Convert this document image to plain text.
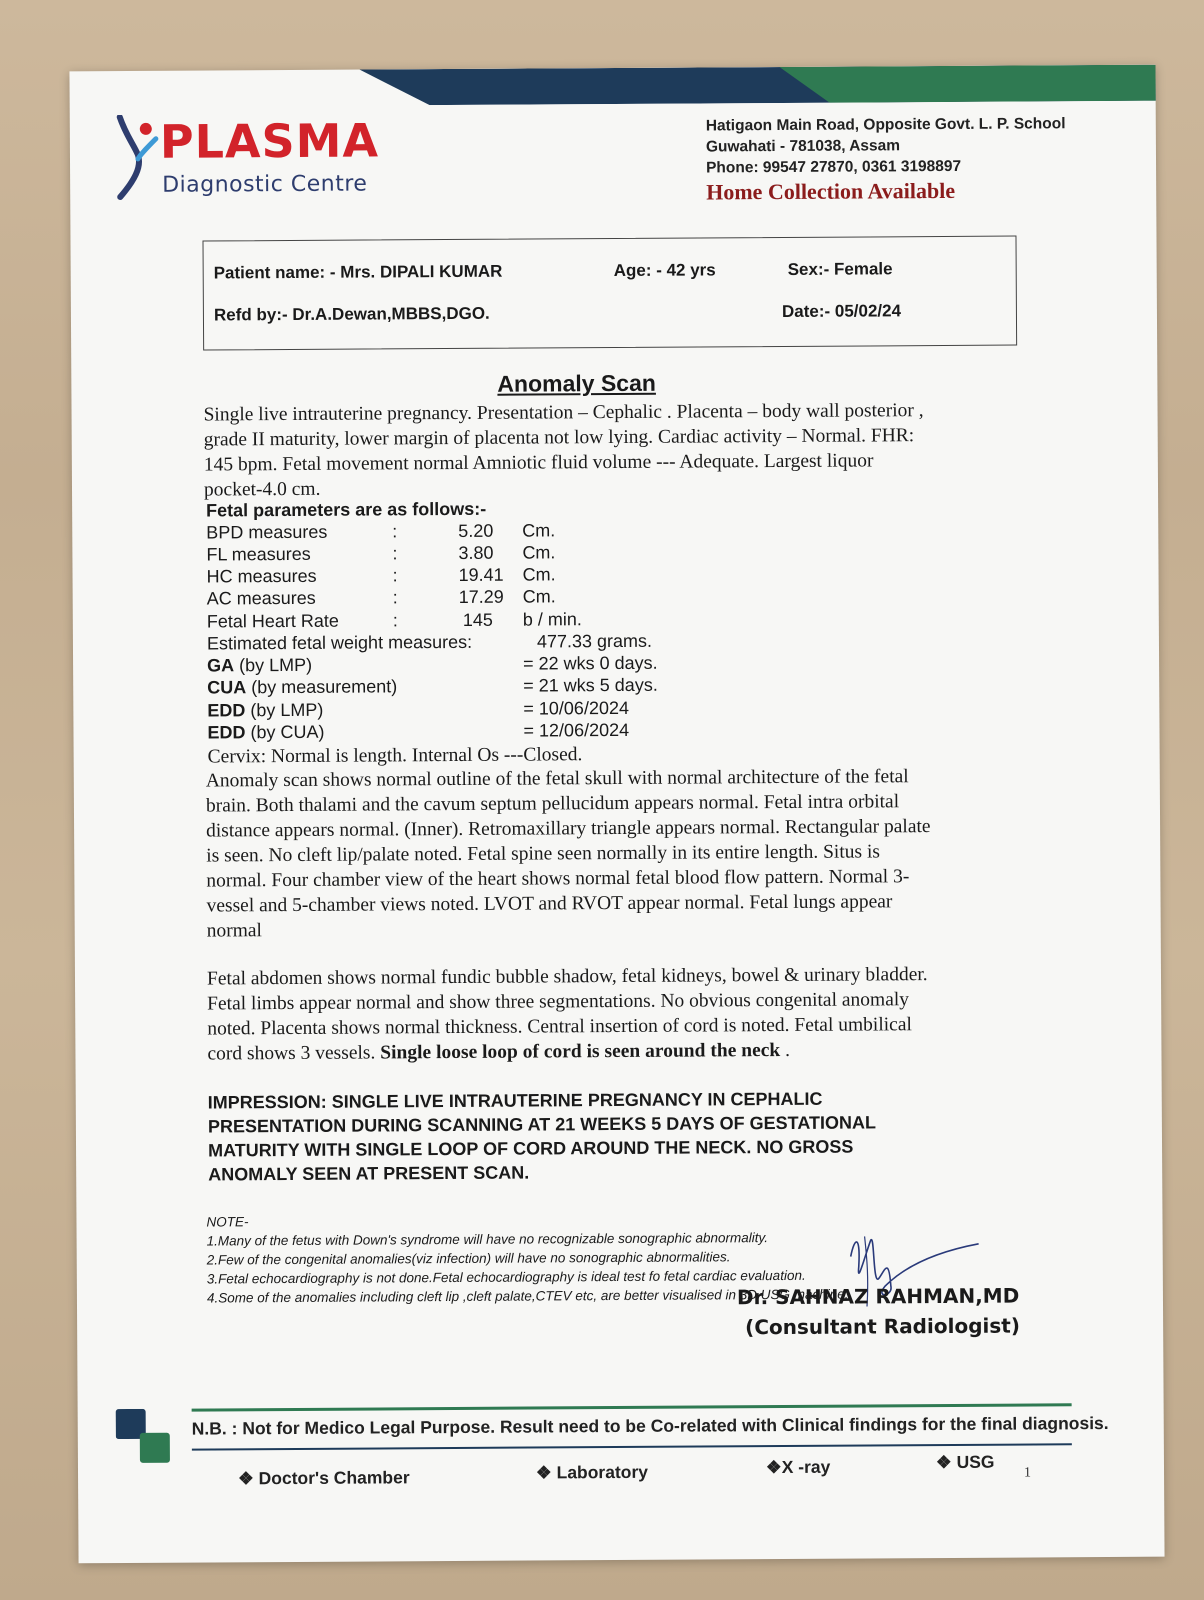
PLASMA
Diagnostic Centre
Hatigaon Main Road, Opposite Govt. L. P. School
Guwahati - 781038, Assam
Phone: 99547 27870, 0361 3198897
Home Collection Available
Patient name: - Mrs. DIPALI KUMAR	Age: - 42 yrs	Sex:- Female
Refd by:- Dr.A.Dewan,MBBS,DGO.	Date:- 05/02/24
Anomaly Scan
Single live intrauterine pregnancy. Presentation – Cephalic . Placenta – body wall posterior ,
grade II maturity, lower margin of placenta not low lying. Cardiac activity – Normal. FHR:
145 bpm. Fetal movement normal Amniotic fluid volume --- Adequate. Largest liquor
pocket-4.0 cm.
Fetal parameters are as follows:-
BPD measures	:	5.20 Cm.
FL measures	:	3.80 Cm.
HC measures	:	19.41 Cm.
AC measures	:	17.29 Cm.
Fetal Heart Rate	:	145 b / min.
Estimated fetal weight measures:	477.33 grams.
GA (by LMP)	= 22 wks 0 days.
CUA (by measurement)	= 21 wks 5 days.
EDD (by LMP)	= 10/06/2024
EDD (by CUA)	= 12/06/2024
Cervix: Normal is length. Internal Os ---Closed.
Anomaly scan shows normal outline of the fetal skull with normal architecture of the fetal
brain. Both thalami and the cavum septum pellucidum appears normal. Fetal intra orbital
distance appears normal. (Inner). Retromaxillary triangle appears normal. Rectangular palate
is seen. No cleft lip/palate noted. Fetal spine seen normally in its entire length. Situs is
normal. Four chamber view of the heart shows normal fetal blood flow pattern. Normal 3-
vessel and 5-chamber views noted. LVOT and RVOT appear normal. Fetal lungs appear
normal
Fetal abdomen shows normal fundic bubble shadow, fetal kidneys, bowel & urinary bladder.
Fetal limbs appear normal and show three segmentations. No obvious congenital anomaly
noted. Placenta shows normal thickness. Central insertion of cord is noted. Fetal umbilical
cord shows 3 vessels. Single loose loop of cord is seen around the neck .
IMPRESSION: SINGLE LIVE INTRAUTERINE PREGNANCY IN CEPHALIC
PRESENTATION DURING SCANNING AT 21 WEEKS 5 DAYS OF GESTATIONAL
MATURITY WITH SINGLE LOOP OF CORD AROUND THE NECK. NO GROSS
ANOMALY SEEN AT PRESENT SCAN.
NOTE-
1.Many of the fetus with Down's syndrome will have no recognizable sonographic abnormality.
2.Few of the congenital anomalies(viz infection) will have no sonographic abnormalities.
3.Fetal echocardiography is not done.Fetal echocardiography is ideal test fo fetal cardiac evaluation.
4.Some of the anomalies including cleft lip ,cleft palate,CTEV etc, are better visualised in 3D USG machine.
Dr. SAHNAZ RAHMAN,MD
(Consultant Radiologist)
N.B. : Not for Medico Legal Purpose. Result need to be Co-related with Clinical findings for the final diagnosis.
❖ Doctor's Chamber	❖ Laboratory	❖X -ray	❖ USG
1
